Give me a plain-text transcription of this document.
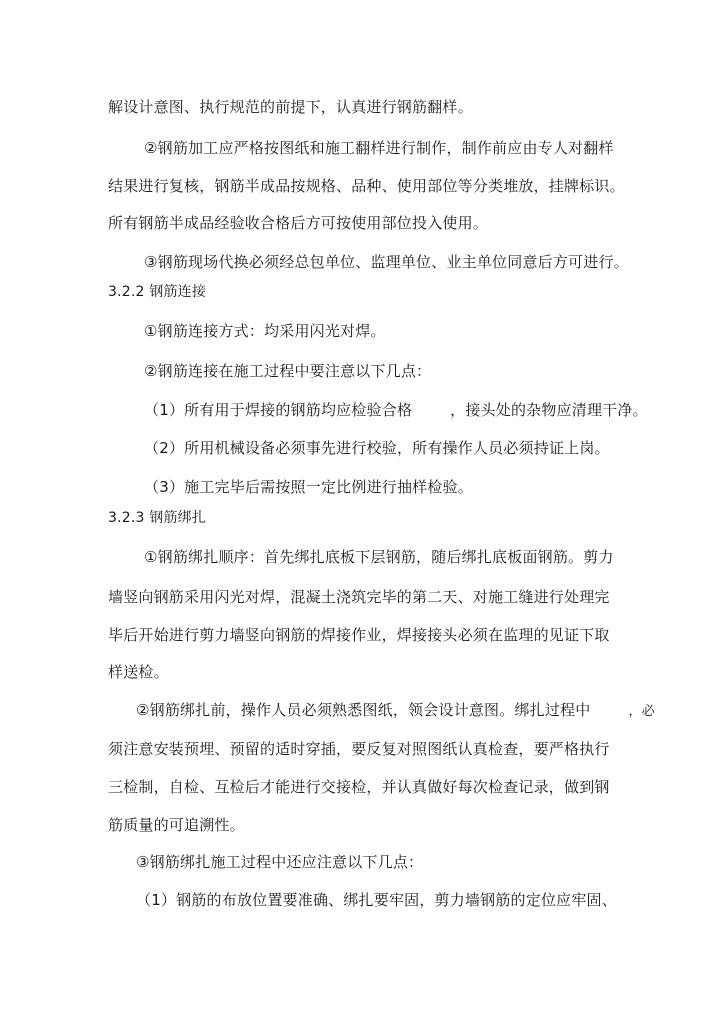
解设计意图、执行规范的前提下，认真进行钢筋翻样。
②钢筋加工应严格按图纸和施工翻样进行制作，制作前应由专人对翻样
结果进行复核，钢筋半成品按规格、品种、使用部位等分类堆放，挂牌标识。
所有钢筋半成品经验收合格后方可按使用部位投入使用。
③钢筋现场代换必须经总包单位、监理单位、业主单位同意后方可进行。
3.2.2 钢筋连接
①钢筋连接方式：均采用闪光对焊。
②钢筋连接在施工过程中要注意以下几点：
（1）所有用于焊接的钢筋均应检验合格	，接头处的杂物应清理干净。
（2）所用机械设备必须事先进行校验，所有操作人员必须持证上岗。
（3）施工完毕后需按照一定比例进行抽样检验。
3.2.3 钢筋绑扎
①钢筋绑扎顺序：首先绑扎底板下层钢筋，随后绑扎底板面钢筋。剪力
墙竖向钢筋采用闪光对焊，混凝土浇筑完毕的第二天、对施工缝进行处理完
毕后开始进行剪力墙竖向钢筋的焊接作业，焊接接头必须在监理的见证下取
样送检。
②钢筋绑扎前，操作人员必须熟悉图纸，领会设计意图。绑扎过程中	，必
须注意安装预埋、预留的适时穿插，要反复对照图纸认真检查，要严格执行
三检制，自检、互检后才能进行交接检，并认真做好每次检查记录，做到钢
筋质量的可追溯性。
③钢筋绑扎施工过程中还应注意以下几点：
（1）钢筋的布放位置要准确、绑扎要牢固，剪力墙钢筋的定位应牢固、
